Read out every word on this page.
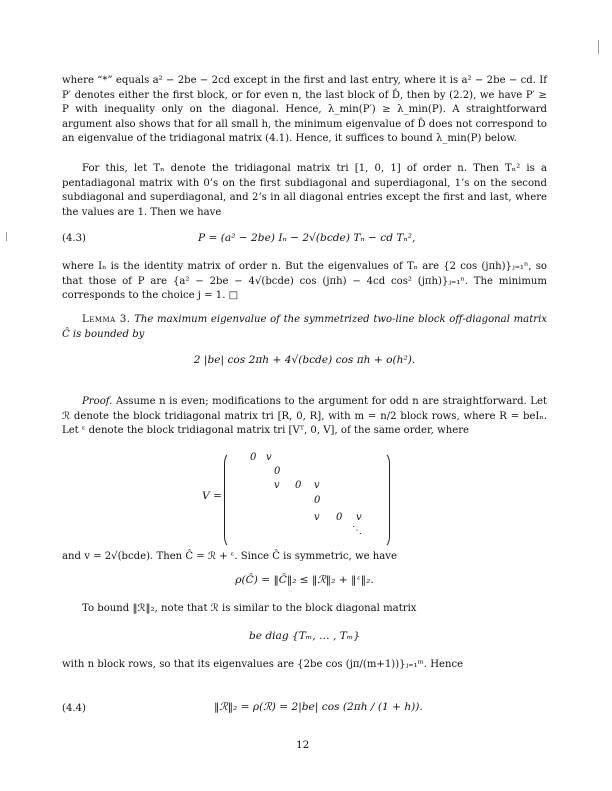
where “*” equals a² − 2be − 2cd except in the first and last entry, where it is a² − 2be − cd. If P′ denotes either the first block, or for even n, the last block of D̂, then by (2.2), we have P′ ≥ P with inequality only on the diagonal. Hence, λ_min(P′) ≥ λ_min(P). A straightforward argument also shows that for all small h, the minimum eigenvalue of D̂ does not correspond to an eigenvalue of the tridiagonal matrix (4.1). Hence, it suffices to bound λ_min(P) below.
For this, let Tₙ denote the tridiagonal matrix tri [1, 0, 1] of order n. Then Tₙ² is a pentadiagonal matrix with 0’s on the first subdiagonal and superdiagonal, 1’s on the second subdiagonal and superdiagonal, and 2’s in all diagonal entries except the first and last, where the values are 1. Then we have
(4.3)	P = (a² − 2be) Iₙ − 2√(bcde) Tₙ − cd Tₙ²,
where Iₙ is the identity matrix of order n. But the eigenvalues of Tₙ are {2 cos (jπh)}ⱼ₌₁ⁿ, so that those of P are {a² − 2be − 4√(bcde) cos (jπh) − 4cd cos² (jπh)}ⱼ₌₁ⁿ. The minimum corresponds to the choice j = 1. □
Lemma 3. The maximum eigenvalue of the symmetrized two-line block off-diagonal matrix Ĉ is bounded by
2 |be| cos 2πh + 4√(bcde) cos πh + o(h²).
Proof. Assume n is even; modifications to the argument for odd n are straightforward. Let ℛ denote the block tridiagonal matrix tri [R, 0, R], with m = n/2 block rows, where R = beIₙ. Let ᵋ denote the block tridiagonal matrix tri [Vᵀ, 0, V], of the same order, where
V =
0 v
0
v 0 v
0
v 0 v
⋱
and v = 2√(bcde). Then Ĉ = ℛ + ᵋ. Since Ĉ is symmetric, we have
ρ(Ĉ) = ‖Ĉ‖₂ ≤ ‖ℛ‖₂ + ‖ᵋ‖₂.
To bound ‖ℛ‖₂, note that ℛ is similar to the block diagonal matrix
be diag {Tₘ, … , Tₘ}
with n block rows, so that its eigenvalues are {2be cos (jπ/(m+1))}ⱼ₌₁ᵐ. Hence
(4.4)	‖ℛ‖₂ = ρ(ℛ) = 2|be| cos (2πh / (1 + h)).
12
